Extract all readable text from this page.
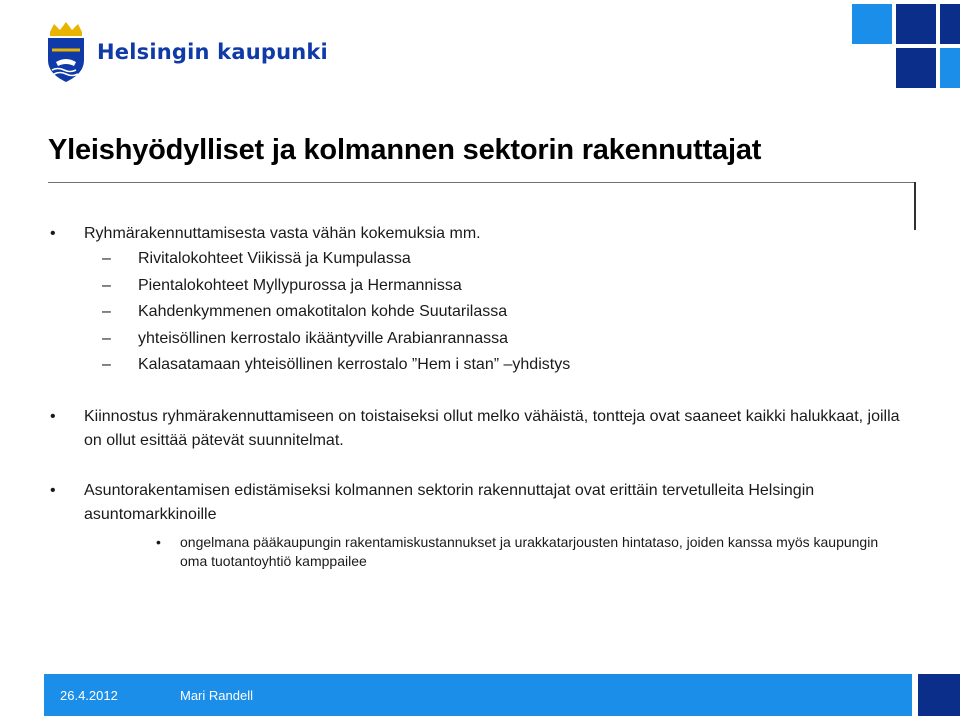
Helsingin kaupunki
Yleishyödylliset ja kolmannen sektorin rakennuttajat
•	Ryhmärakennuttamisesta vasta vähän kokemuksia mm.
–	Rivitalokohteet Viikissä ja Kumpulassa
–	Pientalokohteet Myllypurossa ja Hermannissa
–	Kahdenkymmenen omakotitalon kohde Suutarilassa
–	yhteisöllinen kerrostalo ikääntyville Arabianrannassa
–	Kalasatamaan yhteisöllinen kerrostalo ”Hem i stan” –yhdistys
•	Kiinnostus ryhmärakennuttamiseen on toistaiseksi ollut melko vähäistä, tontteja ovat saaneet kaikki halukkaat, joilla on ollut esittää pätevät suunnitelmat.
•	Asuntorakentamisen edistämiseksi kolmannen sektorin rakennuttajat ovat erittäin tervetulleita Helsingin asuntomarkkinoille
•	ongelmana pääkaupungin rakentamiskustannukset ja urakkatarjousten hintataso, joiden kanssa myös kaupungin oma tuotantoyhtiö kamppailee
26.4.2012	Mari Randell
